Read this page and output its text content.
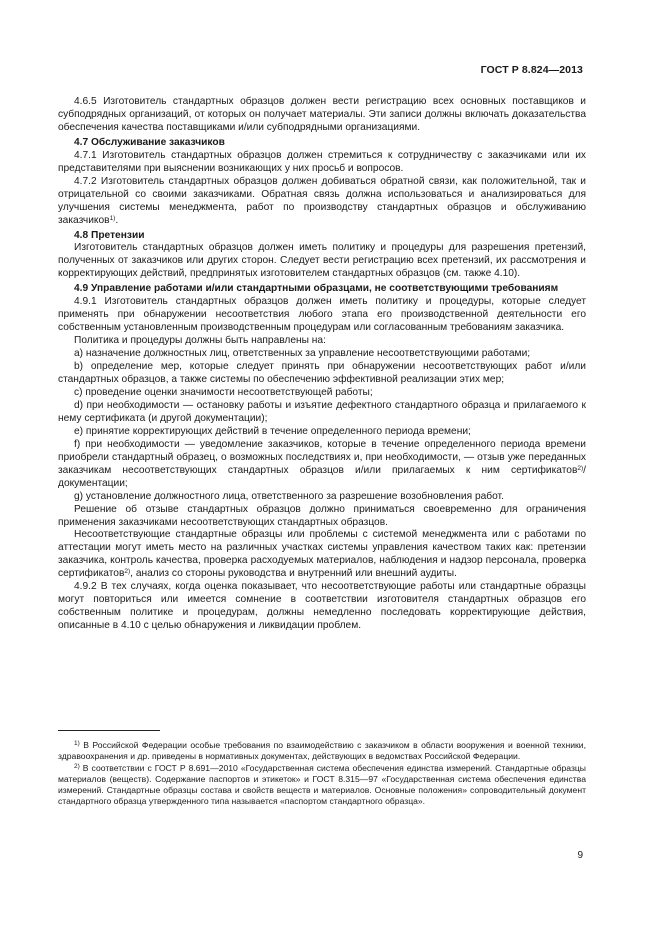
ГОСТ Р 8.824—2013

4.6.5 Изготовитель стандартных образцов должен вести регистрацию всех основных поставщиков и субподрядных организаций, от которых он получает материалы. Эти записи должны включать доказательства обеспечения качества поставщиками и/или субподрядными организациями.

4.7 Обслуживание заказчиков

4.7.1 Изготовитель стандартных образцов должен стремиться к сотрудничеству с заказчиками или их представителями при выяснении возникающих у них просьб и вопросов.

4.7.2 Изготовитель стандартных образцов должен добиваться обратной связи, как положительной, так и отрицательной со своими заказчиками. Обратная связь должна использоваться и анализироваться для улучшения системы менеджмента, работ по производству стандартных образцов и обслуживанию заказчиков$^{1)}$.

4.8 Претензии

Изготовитель стандартных образцов должен иметь политику и процедуры для разрешения претензий, полученных от заказчиков или других сторон. Следует вести регистрацию всех претензий, их рассмотрения и корректирующих действий, предпринятых изготовителем стандартных образцов (см. также 4.10).

4.9 Управление работами и/или стандартными образцами, не соответствующими требованиям

4.9.1 Изготовитель стандартных образцов должен иметь политику и процедуры, которые следует применять при обнаружении несоответствия любого этапа его производственной деятельности его собственным установленным производственным процедурам или согласованным требованиям заказчика.

Политика и процедуры должны быть направлены на:

а) назначение должностных лиц, ответственных за управление несоответствующими работами;

b) определение мер, которые следует принять при обнаружении несоответствующих работ и/или стандартных образцов, а также системы по обеспечению эффективной реализации этих мер;

с) проведение оценки значимости несоответствующей работы;

d) при необходимости — остановку работы и изъятие дефектного стандартного образца и прилагаемого к нему сертификата (и другой документации);

е) принятие корректирующих действий в течение определенного периода времени;

f) при необходимости — уведомление заказчиков, которые в течение определенного периода времени приобрели стандартный образец, о возможных последствиях и, при необходимости, — отзыв уже переданных заказчикам несоответствующих стандартных образцов и/или прилагаемых к ним сертификатов$^{2)}$/документации;

g) установление должностного лица, ответственного за разрешение возобновления работ.

Решение об отзыве стандартных образцов должно приниматься своевременно для ограничения применения заказчиками несоответствующих стандартных образцов.

Несоответствующие стандартные образцы или проблемы с системой менеджмента или с работами по аттестации могут иметь место на различных участках системы управления качеством таких как: претензии заказчика, контроль качества, проверка расходуемых материалов, наблюдения и надзор персонала, проверка сертификатов$^{2)}$, анализ со стороны руководства и внутренний или внешний аудиты.

4.9.2 В тех случаях, когда оценка показывает, что несоответствующие работы или стандартные образцы могут повториться или имеется сомнение в соответствии изготовителя стандартных образцов его собственным политике и процедурам, должны немедленно последовать корректирующие действия, описанные в 4.10 с целью обнаружения и ликвидации проблем.

$^{1)}$ В Российской Федерации особые требования по взаимодействию с заказчиком в области вооружения и военной техники, здравоохранения и др. приведены в нормативных документах, действующих в ведомствах Российской Федерации.

$^{2)}$ В соответствии с ГОСТ Р 8.691—2010 «Государственная система обеспечения единства измерений. Стандартные образцы материалов (веществ). Содержание паспортов и этикеток» и ГОСТ 8.315—97 «Государственная система обеспечения единства измерений. Стандартные образцы состава и свойств веществ и материалов. Основные положения» сопроводительный документ стандартного образца утвержденного типа называется «паспортом стандартного образца».

9
